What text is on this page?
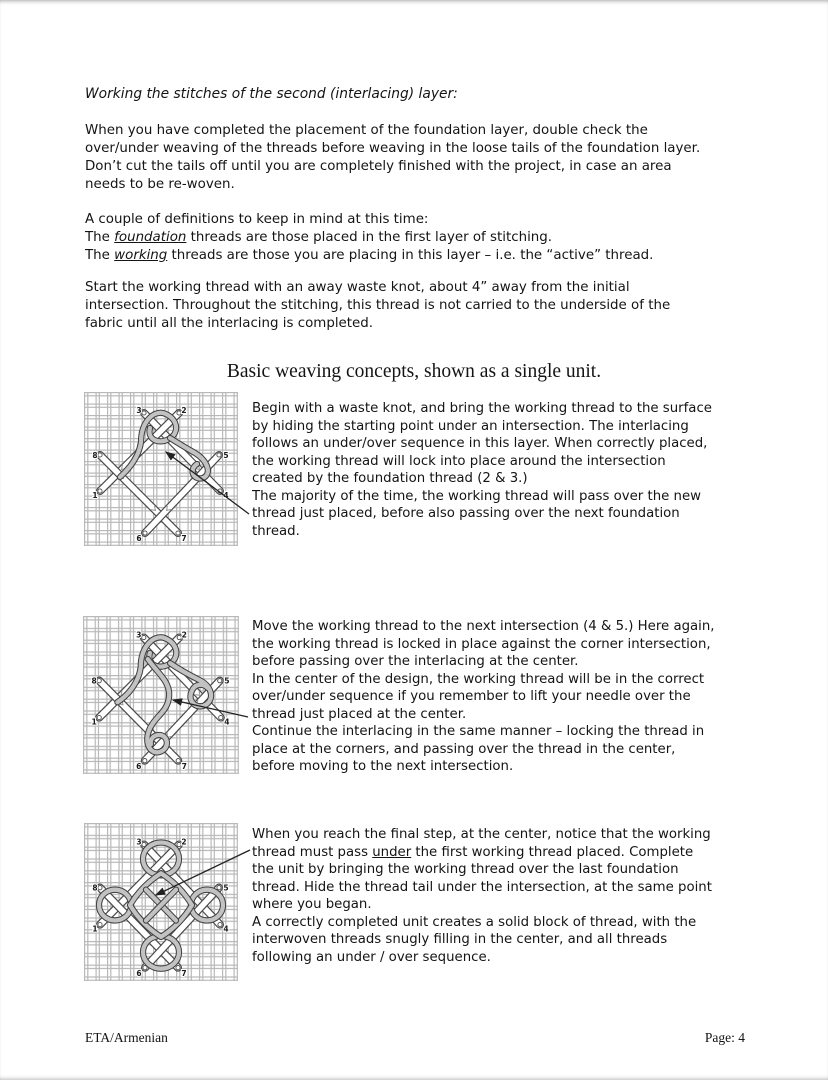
Working the stitches of the second (interlacing) layer:
When you have completed the placement of the foundation layer, double check the
over/under weaving of the threads before weaving in the loose tails of the foundation layer.
Don’t cut the tails off until you are completely finished with the project, in case an area
needs to be re-woven.
A couple of definitions to keep in mind at this time:
The foundation threads are those placed in the first layer of stitching.
The working threads are those you are placing in this layer – i.e. the “active” thread.
Start the working thread with an away waste knot, about 4” away from the initial
intersection. Throughout the stitching, this thread is not carried to the underside of the
fabric until all the interlacing is completed.
Basic weaving concepts, shown as a single unit.
1
2
3
4
5
6	7
8
Begin with a waste knot, and bring the working thread to the surface
by hiding the starting point under an intersection. The interlacing
follows an under/over sequence in this layer. When correctly placed,
the working thread will lock into place around the intersection
created by the foundation thread (2 & 3.)
The majority of the time, the working thread will pass over the new
thread just placed, before also passing over the next foundation
thread.
1
2
3
4
5
6	7
8
Move the working thread to the next intersection (4 & 5.) Here again,
the working thread is locked in place against the corner intersection,
before passing over the interlacing at the center.
In the center of the design, the working thread will be in the correct
over/under sequence if you remember to lift your needle over the
thread just placed at the center.
Continue the interlacing in the same manner – locking the thread in
place at the corners, and passing over the thread in the center,
before moving to the next intersection.
1
2
3
4
5
6	7
8
When you reach the final step, at the center, notice that the working
thread must pass under the first working thread placed. Complete
the unit by bringing the working thread over the last foundation
thread. Hide the thread tail under the intersection, at the same point
where you began.
A correctly completed unit creates a solid block of thread, with the
interwoven threads snugly filling in the center, and all threads
following an under / over sequence.
ETA/Armenian	Page: 4
